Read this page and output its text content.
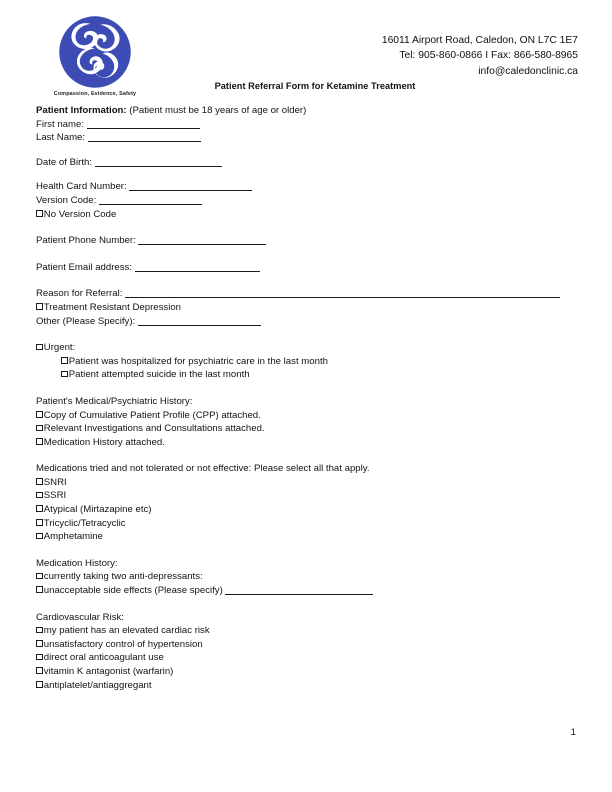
Compassion, Evidence, Safety
16011 Airport Road, Caledon, ON L7C 1E7
Tel: 905-860-0866 I Fax: 866-580-8965
info@caledonclinic.ca
Patient Referral Form for Ketamine Treatment
Patient Information: (Patient must be 18 years of age or older)
First name:
Last Name:
Date of Birth:
Health Card Number:
Version Code:
No Version Code
Patient Phone Number:
Patient Email address:
Reason for Referral:
Treatment Resistant Depression
Other (Please Specify):
Urgent:
Patient was hospitalized for psychiatric care in the last month
Patient attempted suicide in the last month
Patient's Medical/Psychiatric History:
Copy of Cumulative Patient Profile (CPP) attached.
Relevant Investigations and Consultations attached.
Medication History attached.
Medications tried and not tolerated or not effective: Please select all that apply.
SNRI
SSRI
Atypical (Mirtazapine etc)
Tricyclic/Tetracyclic
Amphetamine
Medication History:
currently taking two anti-depressants:
unacceptable side effects (Please specify)
Cardiovascular Risk:
my patient has an elevated cardiac risk
unsatisfactory control of hypertension
direct oral anticoagulant use
vitamin K antagonist (warfarin)
antiplatelet/antiaggregant
1
